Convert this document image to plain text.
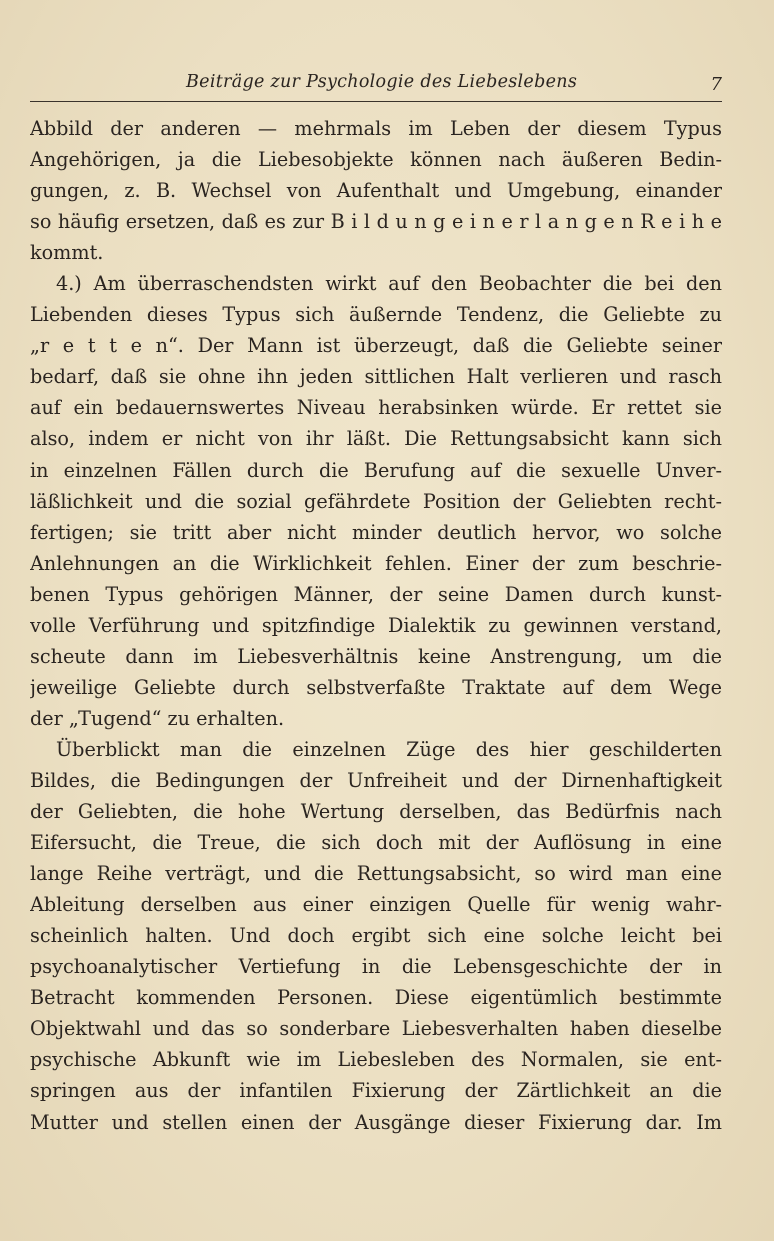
Beiträge zur Psychologie des Liebeslebens	7
Abbild der anderen — mehrmals im Leben der diesem Typus
Angehörigen, ja die Liebesobjekte können nach äußeren Bedin-
gungen, z. B. Wechsel von Aufenthalt und Umgebung, einander
so häufig ersetzen, daß es zur B i l d u n g e i n e r l a n g e n R e i h e
kommt.
4.) Am überraschendsten wirkt auf den Beobachter die bei den
Liebenden dieses Typus sich äußernde Tendenz, die Geliebte zu
„r e t t e n“. Der Mann ist überzeugt, daß die Geliebte seiner
bedarf, daß sie ohne ihn jeden sittlichen Halt verlieren und rasch
auf ein bedauernswertes Niveau herabsinken würde. Er rettet sie
also, indem er nicht von ihr läßt. Die Rettungsabsicht kann sich
in einzelnen Fällen durch die Berufung auf die sexuelle Unver-
läßlichkeit und die sozial gefährdete Position der Geliebten recht-
fertigen; sie tritt aber nicht minder deutlich hervor, wo solche
Anlehnungen an die Wirklichkeit fehlen. Einer der zum beschrie-
benen Typus gehörigen Männer, der seine Damen durch kunst-
volle Verführung und spitzfindige Dialektik zu gewinnen verstand,
scheute dann im Liebesverhältnis keine Anstrengung, um die
jeweilige Geliebte durch selbstverfaßte Traktate auf dem Wege
der „Tugend“ zu erhalten.
Überblickt man die einzelnen Züge des hier geschilderten
Bildes, die Bedingungen der Unfreiheit und der Dirnenhaftigkeit
der Geliebten, die hohe Wertung derselben, das Bedürfnis nach
Eifersucht, die Treue, die sich doch mit der Auflösung in eine
lange Reihe verträgt, und die Rettungsabsicht, so wird man eine
Ableitung derselben aus einer einzigen Quelle für wenig wahr-
scheinlich halten. Und doch ergibt sich eine solche leicht bei
psychoanalytischer Vertiefung in die Lebensgeschichte der in
Betracht kommenden Personen. Diese eigentümlich bestimmte
Objektwahl und das so sonderbare Liebesverhalten haben dieselbe
psychische Abkunft wie im Liebesleben des Normalen, sie ent-
springen aus der infantilen Fixierung der Zärtlichkeit an die
Mutter und stellen einen der Ausgänge dieser Fixierung dar. Im
